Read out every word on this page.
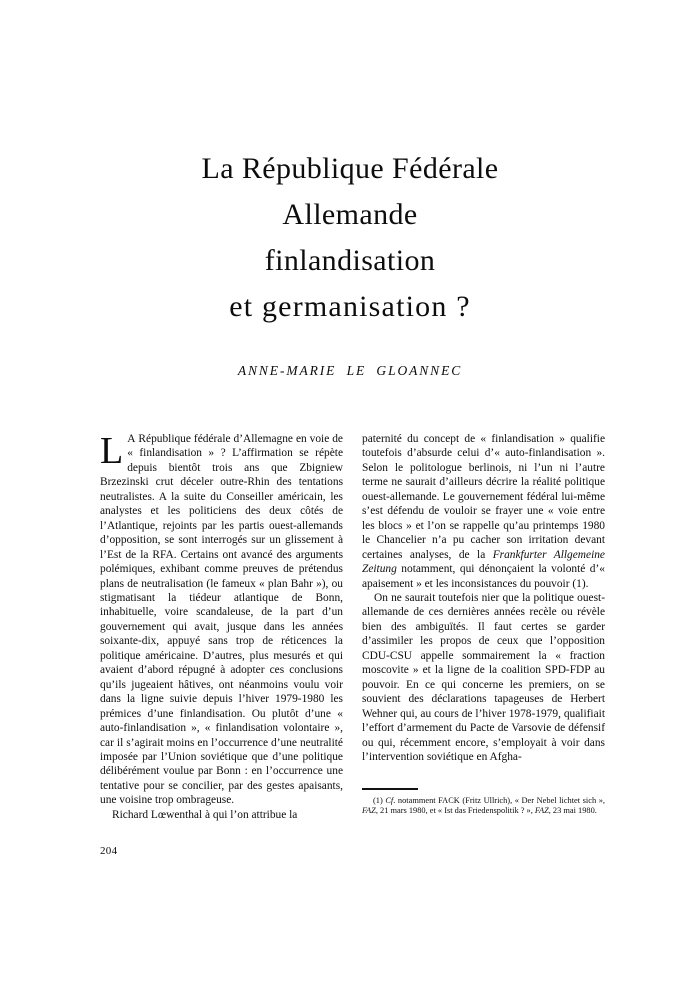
La République Fédérale
Allemande
finlandisation
et germanisation ?
ANNE-MARIE LE GLOANNEC

L A République fédérale d’Allemagne en voie de « finlandisation » ? L’affirmation se répète depuis bientôt trois ans que Zbigniew Brzezinski crut déceler outre-Rhin des tentations neutralistes. A la suite du Conseiller américain, les analystes et les politiciens des deux côtés de l’Atlantique, rejoints par les partis ouest-allemands d’opposition, se sont interrogés sur un glissement à l’Est de la RFA. Certains ont avancé des arguments polémiques, exhibant comme preuves de prétendus plans de neutralisation (le fameux « plan Bahr »), ou stigmatisant la tiédeur atlantique de Bonn, inhabituelle, voire scandaleuse, de la part d’un gouvernement qui avait, jusque dans les années soixante-dix, appuyé sans trop de réticences la politique américaine. D’autres, plus mesurés et qui avaient d’abord répugné à adopter ces conclusions qu’ils jugeaient hâtives, ont néanmoins voulu voir dans la ligne suivie depuis l’hiver 1979-1980 les prémices d’une finlandisation. Ou plutôt d’une « auto-finlandisation », « finlandisation volontaire », car il s’agirait moins en l’occurrence d’une neutralité imposée par l’Union soviétique que d’une politique délibérément voulue par Bonn : en l’occurrence une tentative pour se concilier, par des gestes apaisants, une voisine trop ombrageuse.

Richard Lœwenthal à qui l’on attribue la

paternité du concept de « finlandisation » qualifie toutefois d’absurde celui d’« auto-finlandisation ». Selon le politologue berlinois, ni l’un ni l’autre terme ne saurait d’ailleurs décrire la réalité politique ouest-allemande. Le gouvernement fédéral lui-même s’est défendu de vouloir se frayer une « voie entre les blocs » et l’on se rappelle qu’au printemps 1980 le Chancelier n’a pu cacher son irritation devant certaines analyses, de la Frankfurter Allgemeine Zeitung notamment, qui dénonçaient la volonté d’« apaisement » et les inconsistances du pouvoir (1).

On ne saurait toutefois nier que la politique ouest-allemande de ces dernières années recèle ou révèle bien des ambiguïtés. Il faut certes se garder d’assimiler les propos de ceux que l’opposition CDU-CSU appelle sommairement la « fraction moscovite » et la ligne de la coalition SPD-FDP au pouvoir. En ce qui concerne les premiers, on se souvient des déclarations tapageuses de Herbert Wehner qui, au cours de l’hiver 1978-1979, qualifiait l’effort d’armement du Pacte de Varsovie de défensif ou qui, récemment encore, s’employait à voir dans l’intervention soviétique en Afgha-

(1) Cf. notamment FACK (Fritz Ullrich), « Der Nebel lichtet sich », FAZ, 21 mars 1980, et « Ist das Friedenspolitik ? », FAZ, 23 mai 1980.

204
